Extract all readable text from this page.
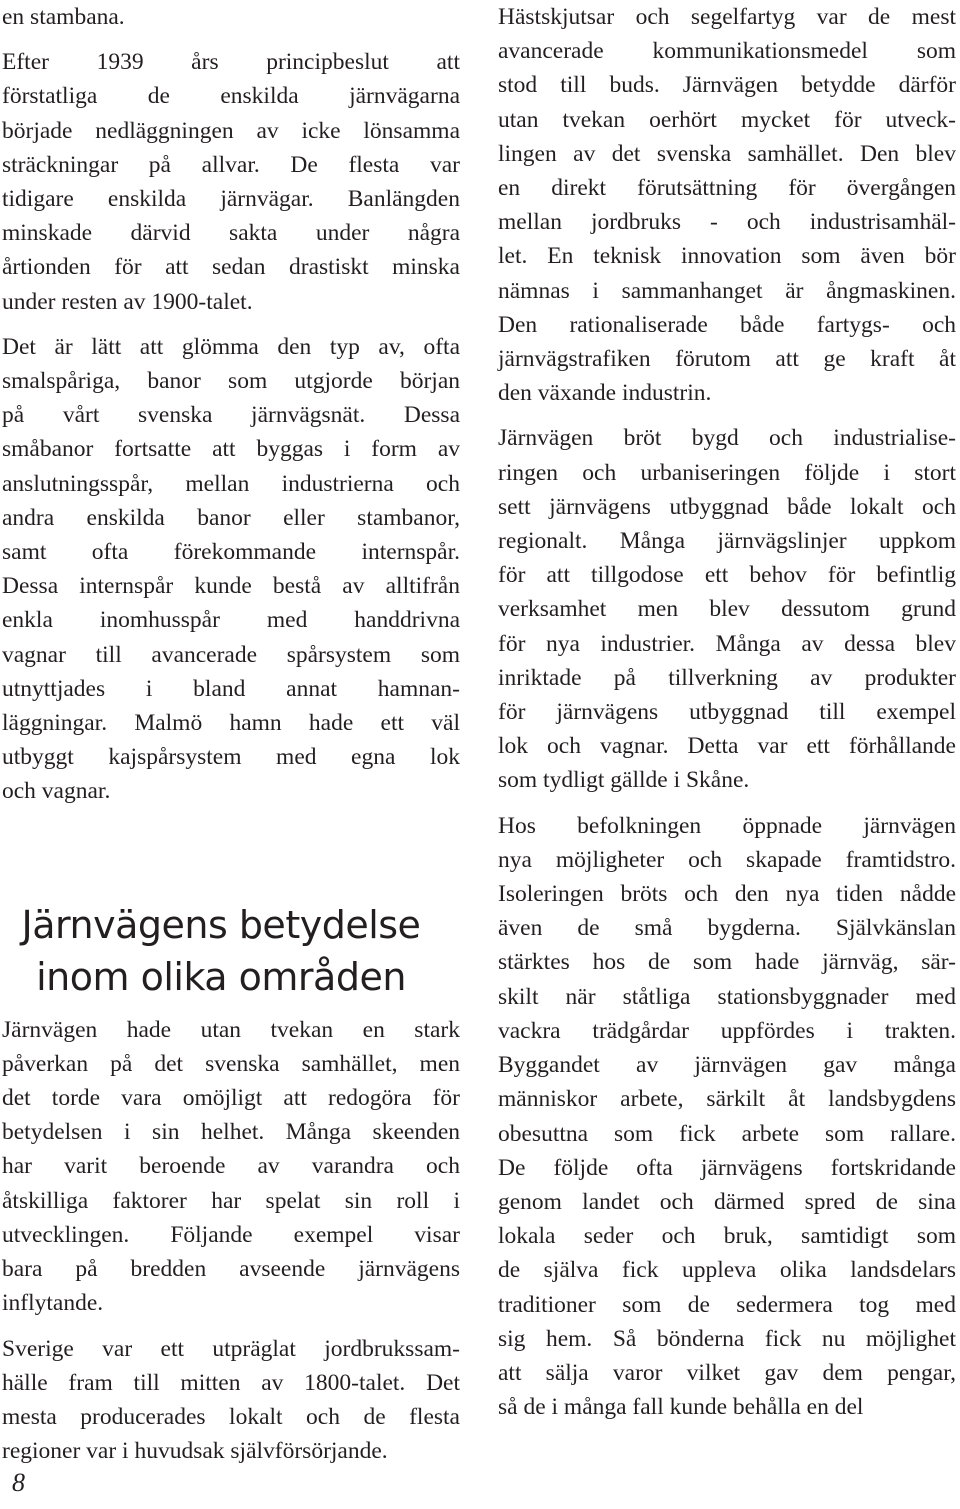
en stambana.

Efter 1939 års principbeslut att
förstatliga de enskilda järnvägarna
började nedläggningen av icke lönsamma
sträckningar på allvar. De flesta var
tidigare enskilda järnvägar. Banlängden
minskade därvid sakta under några
årtionden för att sedan drastiskt minska
under resten av 1900-talet.

Det är lätt att glömma den typ av, ofta
smalspåriga, banor som utgjorde början
på vårt svenska järnvägsnät. Dessa
småbanor fortsatte att byggas i form av
anslutningsspår, mellan industrierna och
andra enskilda banor eller stambanor,
samt ofta förekommande internspår.
Dessa internspår kunde bestå av alltifrån
enkla inomhusspår med handdrivna
vagnar till avancerade spårsystem som
utnyttjades i bland annat hamnan-
läggningar. Malmö hamn hade ett väl
utbyggt kajspårsystem med egna lok
och vagnar.

Järnvägens betydelse
inom olika områden

Järnvägen hade utan tvekan en stark
påverkan på det svenska samhället, men
det torde vara omöjligt att redogöra för
betydelsen i sin helhet. Många skeenden
har varit beroende av varandra och
åtskilliga faktorer har spelat sin roll i
utvecklingen. Följande exempel visar
bara på bredden avseende järnvägens
inflytande.

Sverige var ett utpräglat jordbrukssam-
hälle fram till mitten av 1800-talet. Det
mesta producerades lokalt och de flesta
regioner var i huvudsak självförsörjande.

Hästskjutsar och segelfartyg var de mest
avancerade kommunikationsmedel som
stod till buds. Järnvägen betydde därför
utan tvekan oerhört mycket för utveck-
lingen av det svenska samhället. Den blev
en direkt förutsättning för övergången
mellan jordbruks - och industrisamhäl-
let. En teknisk innovation som även bör
nämnas i sammanhanget är ångmaskinen.
Den rationaliserade både fartygs- och
järnvägstrafiken förutom att ge kraft åt
den växande industrin.

Järnvägen bröt bygd och industrialise-
ringen och urbaniseringen följde i stort
sett järnvägens utbyggnad både lokalt och
regionalt. Många järnvägslinjer uppkom
för att tillgodose ett behov för befintlig
verksamhet men blev dessutom grund
för nya industrier. Många av dessa blev
inriktade på tillverkning av produkter
för järnvägens utbyggnad till exempel
lok och vagnar. Detta var ett förhållande
som tydligt gällde i Skåne.

Hos befolkningen öppnade järnvägen
nya möjligheter och skapade framtidstro.
Isoleringen bröts och den nya tiden nådde
även de små bygderna. Självkänslan
stärktes hos de som hade järnväg, sär-
skilt när ståtliga stationsbyggnader med
vackra trädgårdar uppfördes i trakten.
Byggandet av järnvägen gav många
människor arbete, särkilt åt landsbygdens
obesuttna som fick arbete som rallare.
De följde ofta järnvägens fortskridande
genom landet och därmed spred de sina
lokala seder och bruk, samtidigt som
de själva fick uppleva olika landsdelars
traditioner som de sedermera tog med
sig hem. Så bönderna fick nu möjlighet
att sälja varor vilket gav dem pengar,
så de i många fall kunde behålla en del

8
